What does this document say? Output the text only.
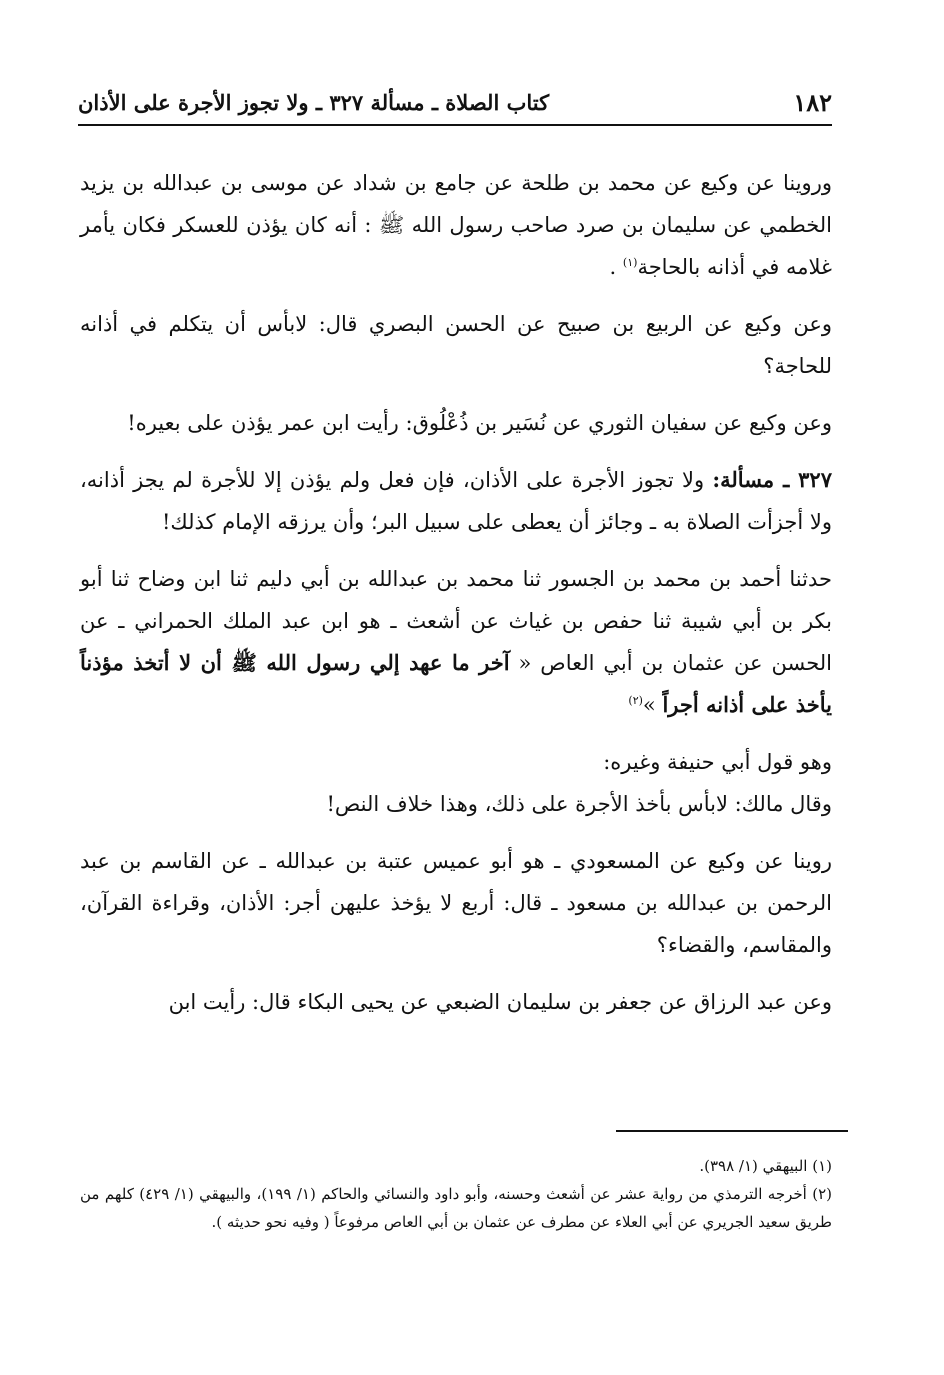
١٨٢
كتاب الصلاة ـ مسألة ٣٢٧ ـ ولا تجوز الأجرة على الأذان

وروينا عن وكيع عن محمد بن طلحة عن جامع بن شداد عن موسى بن عبدالله بن يزيد الخطمي عن سليمان بن صرد صاحب رسول الله ﷺ : أنه كان يؤذن للعسكر فكان يأمر غلامه في أذانه بالحاجة$^{(١)}$ .

وعن وكيع عن الربيع بن صبيح عن الحسن البصري قال: لابأس أن يتكلم في أذانه للحاجة؟

وعن وكيع عن سفيان الثوري عن نُسَير بن ذُعْلُوق: رأيت ابن عمر يؤذن على بعيره!

٣٢٧ ـ مسألة: ولا تجوز الأجرة على الأذان، فإن فعل ولم يؤذن إلا للأجرة لم يجز أذانه، ولا أجزأت الصلاة به ـ وجائز أن يعطى على سبيل البر؛ وأن يرزقه الإمام كذلك!

حدثنا أحمد بن محمد بن الجسور ثنا محمد بن عبدالله بن أبي دليم ثنا ابن وضاح ثنا أبو بكر بن أبي شيبة ثنا حفص بن غياث عن أشعث ـ هو ابن عبد الملك الحمراني ـ عن الحسن عن عثمان بن أبي العاص « آخر ما عهد إلي رسول الله ﷺ أن لا أتخذ مؤذناً يأخذ على أذانه أجراً »$^{(٢)}$

وهو قول أبي حنيفة وغيره:

وقال مالك: لابأس بأخذ الأجرة على ذلك، وهذا خلاف النص!

روينا عن وكيع عن المسعودي ـ هو أبو عميس عتبة بن عبدالله ـ عن القاسم بن عبد الرحمن بن عبدالله بن مسعود ـ قال: أربع لا يؤخذ عليهن أجر: الأذان، وقراءة القرآن، والمقاسم، والقضاء؟

وعن عبد الرزاق عن جعفر بن سليمان الضبعي عن يحيى البكاء قال: رأيت ابن

(١) البيهقي (١/ ٣٩٨).

(٢) أخرجه الترمذي من رواية عشر عن أشعث وحسنه، وأبو داود والنسائي والحاكم (١/ ١٩٩)، والبيهقي (١/ ٤٢٩) كلهم من طريق سعيد الجريري عن أبي العلاء عن مطرف عن عثمان بن أبي العاص مرفوعاً ( وفيه نحو حديثه ).
